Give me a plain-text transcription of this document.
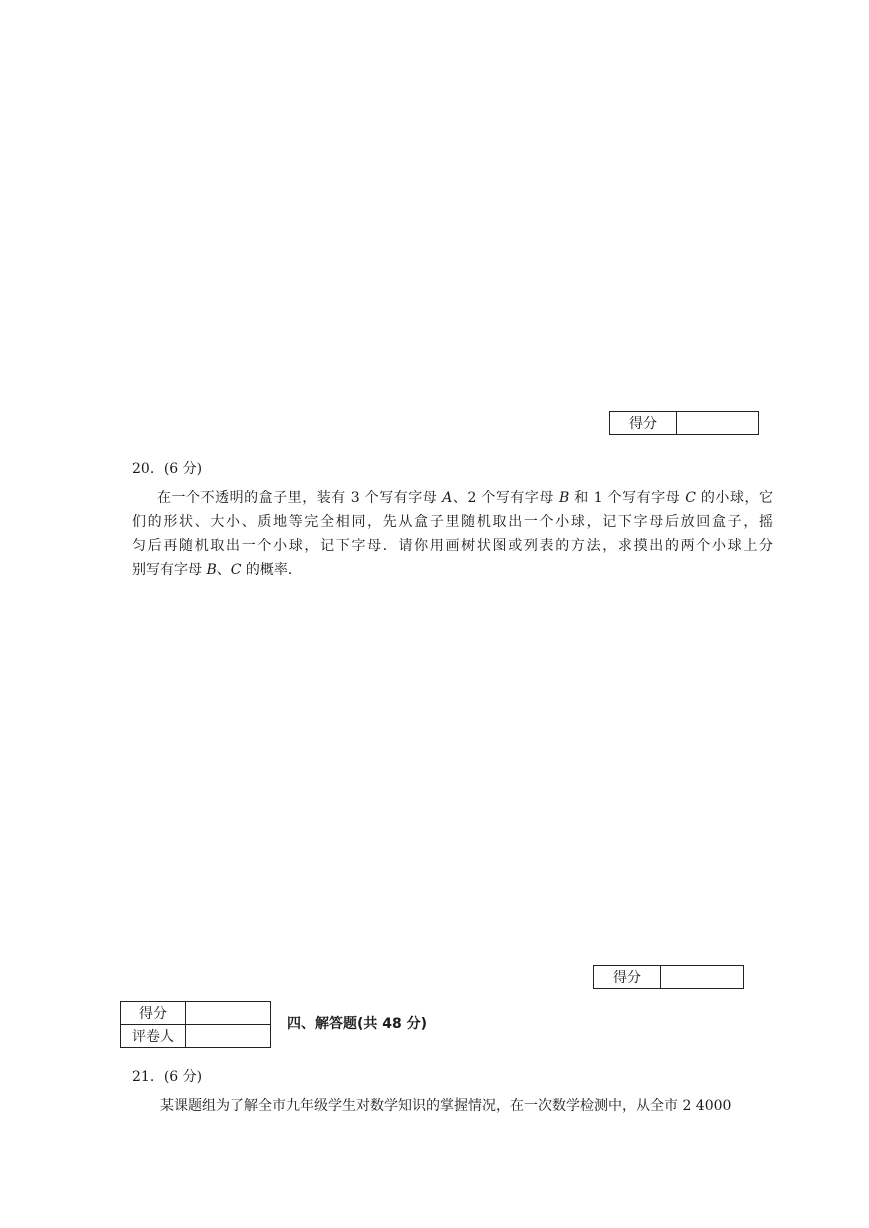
得分
20．(6 分)

在一个不透明的盒子里，装有 3 个写有字母 A、2 个写有字母 B 和 1 个写有字母 C 的小球，它

们的形状、大小、质地等完全相同，先从盒子里随机取出一个小球，记下字母后放回盒子，摇

匀后再随机取出一个小球，记下字母．请你用画树状图或列表的方法，求摸出的两个小球上分

别写有字母 B、C 的概率．

得分
得分	
评卷人	
四、解答题(共 48 分)
21．(6 分)

某课题组为了解全市九年级学生对数学知识的掌握情况，在一次数学检测中，从全市 2 4000
